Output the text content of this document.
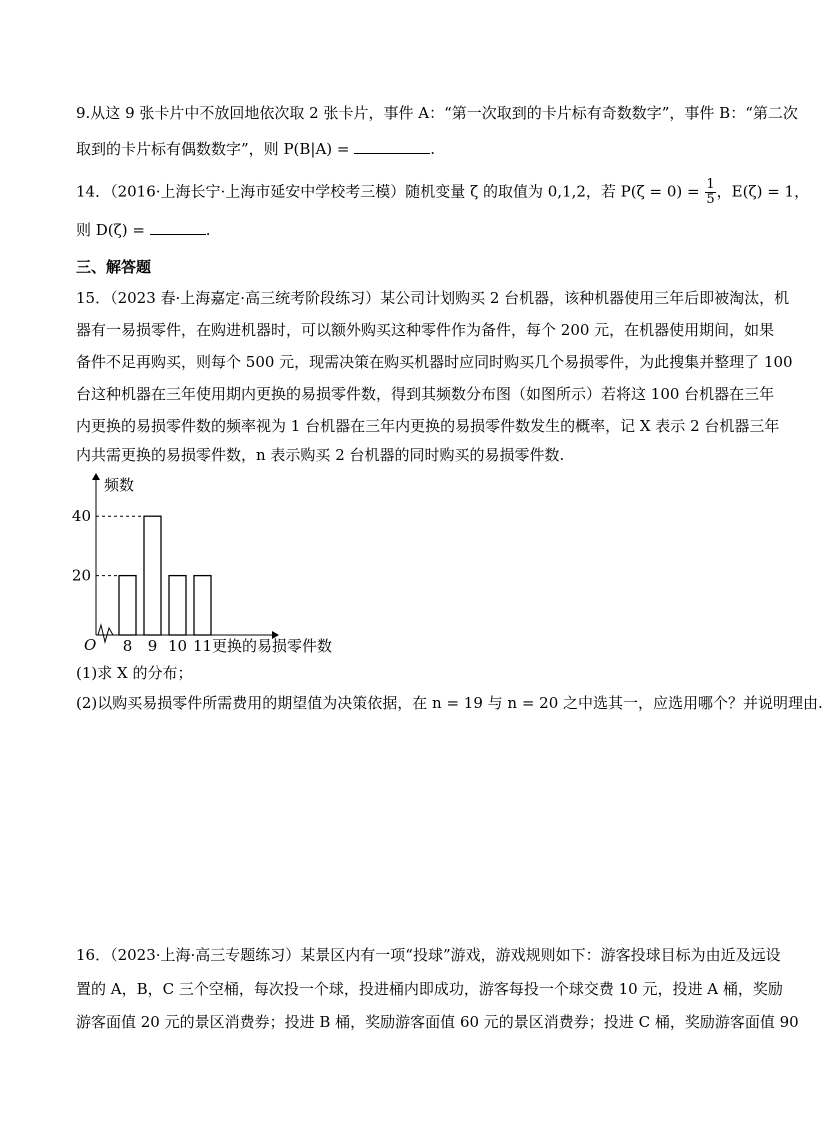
9.从这 9 张卡片中不放回地依次取 2 张卡片，事件 A：“第一次取到的卡片标有奇数数字”，事件 B：“第二次
取到的卡片标有偶数数字”，则 P(B|A) =	.
14．（2016·上海长宁·上海市延安中学校考三模）随机变量 ζ 的取值为 0,1,2，若 $P(\zeta = 0) = \frac{1}{5}$ ，E(ζ) = 1，
则 D(ζ) =	.
三、解答题
15．（2023 春·上海嘉定·高三统考阶段练习）某公司计划购买 2 台机器，该种机器使用三年后即被淘汰，机
器有一易损零件，在购进机器时，可以额外购买这种零件作为备件，每个 200 元，在机器使用期间，如果
备件不足再购买，则每个 500 元，现需决策在购买机器时应同时购买几个易损零件，为此搜集并整理了 100
台这种机器在三年使用期内更换的易损零件数，得到其频数分布图（如图所示）若将这 100 台机器在三年
内更换的易损零件数的频率视为 1 台机器在三年内更换的易损零件数发生的概率，记 X 表示 2 台机器三年
内共需更换的易损零件数，n 表示购买 2 台机器的同时购买的易损零件数.
频数
O	更换的易损零件数
20
40
8 9 10 11
(1)求 X 的分布；
(2)以购买易损零件所需费用的期望值为决策依据，在 n = 19 与 n = 20 之中选其一，应选用哪个？并说明理由.
16．（2023·上海·高三专题练习）某景区内有一项“投球”游戏，游戏规则如下：游客投球目标为由近及远设
置的 A，B，C 三个空桶，每次投一个球，投进桶内即成功，游客每投一个球交费 10 元，投进 A 桶，奖励
游客面值 20 元的景区消费券；投进 B 桶，奖励游客面值 60 元的景区消费券；投进 C 桶，奖励游客面值 90
